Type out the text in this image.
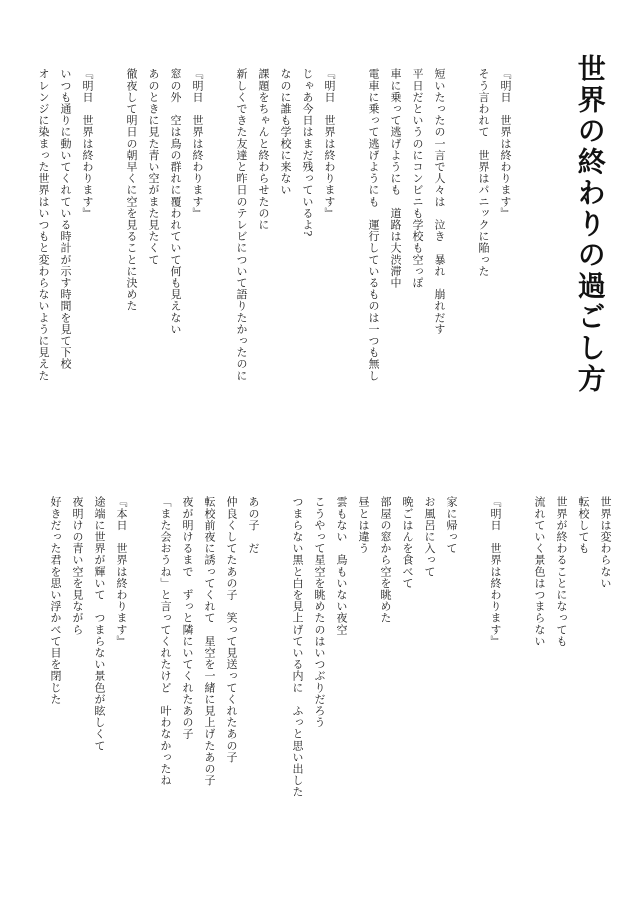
世界の終わりの過ごし方
『明日　世界は終わります』
そう言われて　世界はパニックに陥った

短いたったの一言で人々は　泣き　暴れ　崩れだす
平日だというのにコンビニも学校も空っぽ
車に乗って逃げようにも　道路は大渋滞中
電車に乗って逃げようにも　運行しているものは一つも無し

『明日　世界は終わります』
じゃあ今日はまだ残っているよ?
なのに誰も学校に来ない
課題をちゃんと終わらせたのに
新しくできた友達と昨日のテレビについて語りたかったのに

『明日　世界は終わります』
窓の外　空は鳥の群れに覆われていて何も見えない
あのときに見た青い空がまた見たくて
徹夜して明日の朝早くに空を見ることに決めた

『明日　世界は終わります』
いつも通りに動いてくれている時計が示す時間を見て下校
オレンジに染まった世界はいつもと変わらないように見えた
世界は変わらない
転校しても
世界が終わることになっても
流れていく景色はつまらない

『明日　世界は終わります』

家に帰って
お風呂に入って
晩ごはんを食べて
部屋の窓から空を眺めた
昼とは違う
雲もない　鳥もいない夜空
こうやって星空を眺めたのはいつぶりだろう
つまらない黒と白を見上げている内に　ふっと思い出した

あの子　だ
仲良くしてたあの子　笑って見送ってくれたあの子
転校前夜に誘ってくれて　星空を一緒に見上げたあの子
夜が明けるまで　ずっと隣にいてくれたあの子
「また会おうね」と言ってくれたけど　叶わなかったね

『本日　世界は終わります』
途端に世界が輝いて　つまらない景色が眩しくて
夜明けの青い空を見ながら
好きだった君を思い浮かべて目を閉じた
